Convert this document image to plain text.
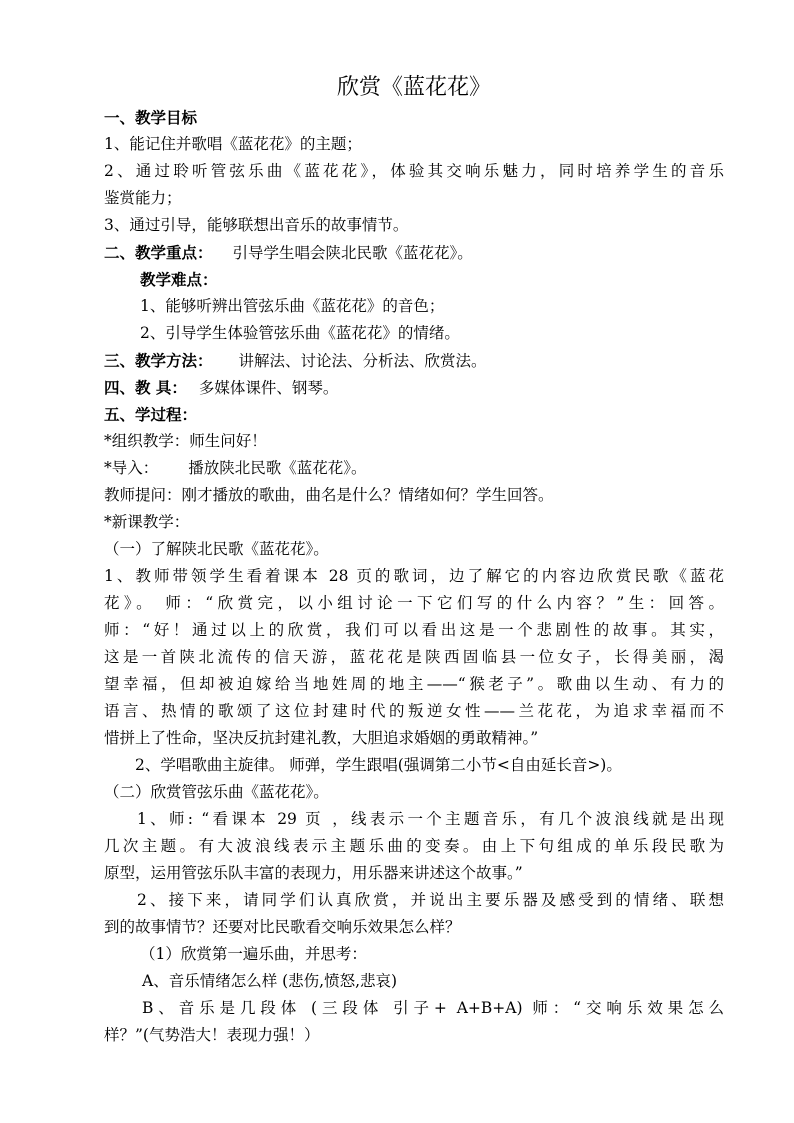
欣赏《蓝花花》
一、教学目标
1、能记住并歌唱《蓝花花》的主题；
2、通过聆听管弦乐曲《蓝花花》，体验其交响乐魅力，同时培养学生的音乐
鉴赏能力；
3、通过引导，能够联想出音乐的故事情节。
二、教学重点： 引导学生唱会陕北民歌《蓝花花》。
教学难点：
1、能够听辨出管弦乐曲《蓝花花》的音色；
2、引导学生体验管弦乐曲《蓝花花》的情绪。
三、教学方法： 讲解法、讨论法、分析法、欣赏法。
四、教 具： 多媒体课件、钢琴。
五、学过程：
*组织教学：师生问好！
*导入： 播放陕北民歌《蓝花花》。
教师提问：刚才播放的歌曲，曲名是什么？情绪如何？学生回答。
*新课教学：
（一）了解陕北民歌《蓝花花》。
1、教师带领学生看着课本 28 页的歌词，边了解它的内容边欣赏民歌《蓝花
花》。 师：“欣赏完，以小组讨论一下它们写的什么内容？”生：回答。
师：“好！通过以上的欣赏，我们可以看出这是一个悲剧性的故事。其实，
这是一首陕北流传的信天游，蓝花花是陕西固临县一位女子，长得美丽，渴
望幸福，但却被迫嫁给当地姓周的地主——“猴老子”。歌曲以生动、有力的
语言、热情的歌颂了这位封建时代的叛逆女性——兰花花，为追求幸福而不
惜拼上了性命，坚决反抗封建礼教，大胆追求婚姻的勇敢精神。”
2、学唱歌曲主旋律。 师弹，学生跟唱(强调第二小节<自由延长音>)。
（二）欣赏管弦乐曲《蓝花花》。
1、师: “看课本 29 页 ，线表示一个主题音乐，有几个波浪线就是出现
几次主题。有大波浪线表示主题乐曲的变奏。由上下句组成的单乐段民歌为
原型，运用管弦乐队丰富的表现力，用乐器来讲述这个故事。”
2、接下来，请同学们认真欣赏，并说出主要乐器及感受到的情绪、联想
到的故事情节？还要对比民歌看交响乐效果怎么样？
（1）欣赏第一遍乐曲，并思考：
A、音乐情绪怎么样 (悲伤,愤怒,悲哀)
B、音乐是几段体 (三段体 引子+ A+B+A) 师：“交响乐效果怎么
样？”(气势浩大！表现力强！）
